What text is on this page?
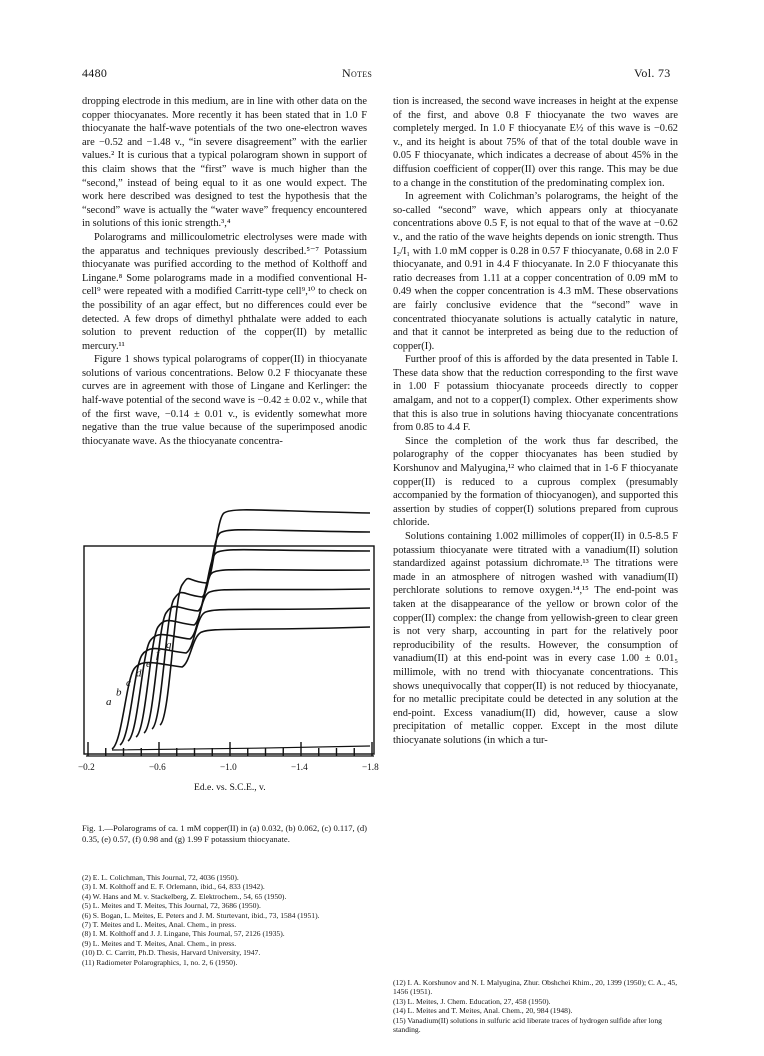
4480	Notes	Vol. 73

dropping electrode in this medium, are in line with other data on the copper thiocyanates. More recently it has been stated that in 1.0 F thiocyanate the half-wave potentials of the two one-electron waves are −0.52 and −1.48 v., “in severe disagreement” with the earlier values.² It is curious that a typical polarogram shown in support of this claim shows that the “first” wave is much higher than the “second,” instead of being equal to it as one would expect. The work here described was designed to test the hypothesis that the “second” wave is actually the “water wave” frequency encountered in solutions of this ionic strength.³,⁴

Polarograms and millicoulometric electrolyses were made with the apparatus and techniques previously described.⁵⁻⁷ Potassium thiocyanate was purified according to the method of Kolthoff and Lingane.⁸ Some polarograms made in a modified conventional H-cell⁹ were repeated with a modified Carritt-type cell⁹,¹⁰ to check on the possibility of an agar effect, but no differences could ever be detected. A few drops of dimethyl phthalate were added to each solution to prevent reduction of the copper(II) by metallic mercury.¹¹

Figure 1 shows typical polarograms of copper(II) in thiocyanate solutions of various concentrations. Below 0.2 F thiocyanate these curves are in agreement with those of Lingane and Kerlinger: the half-wave potential of the second wave is −0.42 ± 0.02 v., while that of the first wave, −0.14 ± 0.01 v., is evidently somewhat more negative than the true value because of the superimposed anodic thiocyanate wave. As the thiocyanate concentra-

tion is increased, the second wave increases in height at the expense of the first, and above 0.8 F thiocyanate the two waves are completely merged. In 1.0 F thiocyanate E½ of this wave is −0.62 v., and its height is about 75% of that of the total double wave in 0.05 F thiocyanate, which indicates a decrease of about 45% in the diffusion coefficient of copper(II) over this range. This may be due to a change in the constitution of the predominating complex ion.

In agreement with Colichman’s polarograms, the height of the so-called “second” wave, which appears only at thiocyanate concentrations above 0.5 F, is not equal to that of the wave at −0.62 v., and the ratio of the wave heights depends on ionic strength. Thus I₂/I₁ with 1.0 mM copper is 0.28 in 0.57 F thiocyanate, 0.68 in 2.0 F thiocyanate, and 0.91 in 4.4 F thiocyanate. In 2.0 F thiocyanate this ratio decreases from 1.11 at a copper concentration of 0.09 mM to 0.49 when the copper concentration is 4.3 mM. These observations are fairly conclusive evidence that the “second” wave in concentrated thiocyanate solutions is actually catalytic in nature, and that it cannot be interpreted as being due to the reduction of copper(I).

Further proof of this is afforded by the data presented in Table I. These data show that the reduction corresponding to the first wave in 1.00 F potassium thiocyanate proceeds directly to copper amalgam, and not to a copper(I) complex. Other experiments show that this is also true in solutions having thiocyanate concentrations from 0.85 to 4.4 F.

Since the completion of the work thus far described, the polarography of the copper thiocyanates has been studied by Korshunov and Malyugina,¹² who claimed that in 1-6 F thiocyanate copper(II) is reduced to a cuprous complex (presumably accompanied by the formation of thiocyanogen), and supported this assertion by studies of copper(I) solutions prepared from cuprous chloride.

Solutions containing 1.002 millimoles of copper(II) in 0.5-8.5 F potassium thiocyanate were titrated with a vanadium(II) solution standardized against potassium dichromate.¹³ The titrations were made in an atmosphere of nitrogen washed with vanadium(II) perchlorate solutions to remove oxygen.¹⁴,¹⁵ The end-point was taken at the disappearance of the yellow or brown color of the copper(II) complex: the change from yellowish-green to clear green is not very sharp, accounting in part for the relatively poor reproducibility of the results. However, the consumption of vanadium(II) at this end-point was in every case 1.00 ± 0.01₅ millimole, with no trend with thiocyanate concentrations. This shows unequivocally that copper(II) is not reduced by thiocyanate, for no metallic precipitate could be detected in any solution at the end-point. Excess vanadium(II) did, however, cause a slow precipitation of metallic copper. Except in the most dilute thiocyanate solutions (in which a tur-

a
b
c
d
e
f
g
−0.2	−0.6	−1.0	−1.4	−1.8
Ed.e. vs. S.C.E., v.
Fig. 1.—Polarograms of ca. 1 mM copper(II) in (a) 0.032, (b) 0.062, (c) 0.117, (d) 0.35, (e) 0.57, (f) 0.98 and (g) 1.99 F potassium thiocyanate.

(2) E. L. Colichman, This Journal, 72, 4036 (1950).

(3) I. M. Kolthoff and E. F. Orlemann, ibid., 64, 833 (1942).

(4) W. Hans and M. v. Stackelberg, Z. Elektrochem., 54, 65 (1950).

(5) L. Meites and T. Meites, This Journal, 72, 3686 (1950).

(6) S. Bogan, L. Meites, E. Peters and J. M. Sturtevant, ibid., 73, 1584 (1951).

(7) T. Meites and L. Meites, Anal. Chem., in press.

(8) I. M. Kolthoff and J. J. Lingane, This Journal, 57, 2126 (1935).

(9) L. Meites and T. Meites, Anal. Chem., in press.

(10) D. C. Carritt, Ph.D. Thesis, Harvard University, 1947.

(11) Radiometer Polarographics, 1, no. 2, 6 (1950).

(12) I. A. Korshunov and N. I. Malyugina, Zhur. Obshchei Khim., 20, 1399 (1950); C. A., 45, 1456 (1951).

(13) L. Meites, J. Chem. Education, 27, 458 (1950).

(14) L. Meites and T. Meites, Anal. Chem., 20, 984 (1948).

(15) Vanadium(II) solutions in sulfuric acid liberate traces of hydrogen sulfide after long standing.
